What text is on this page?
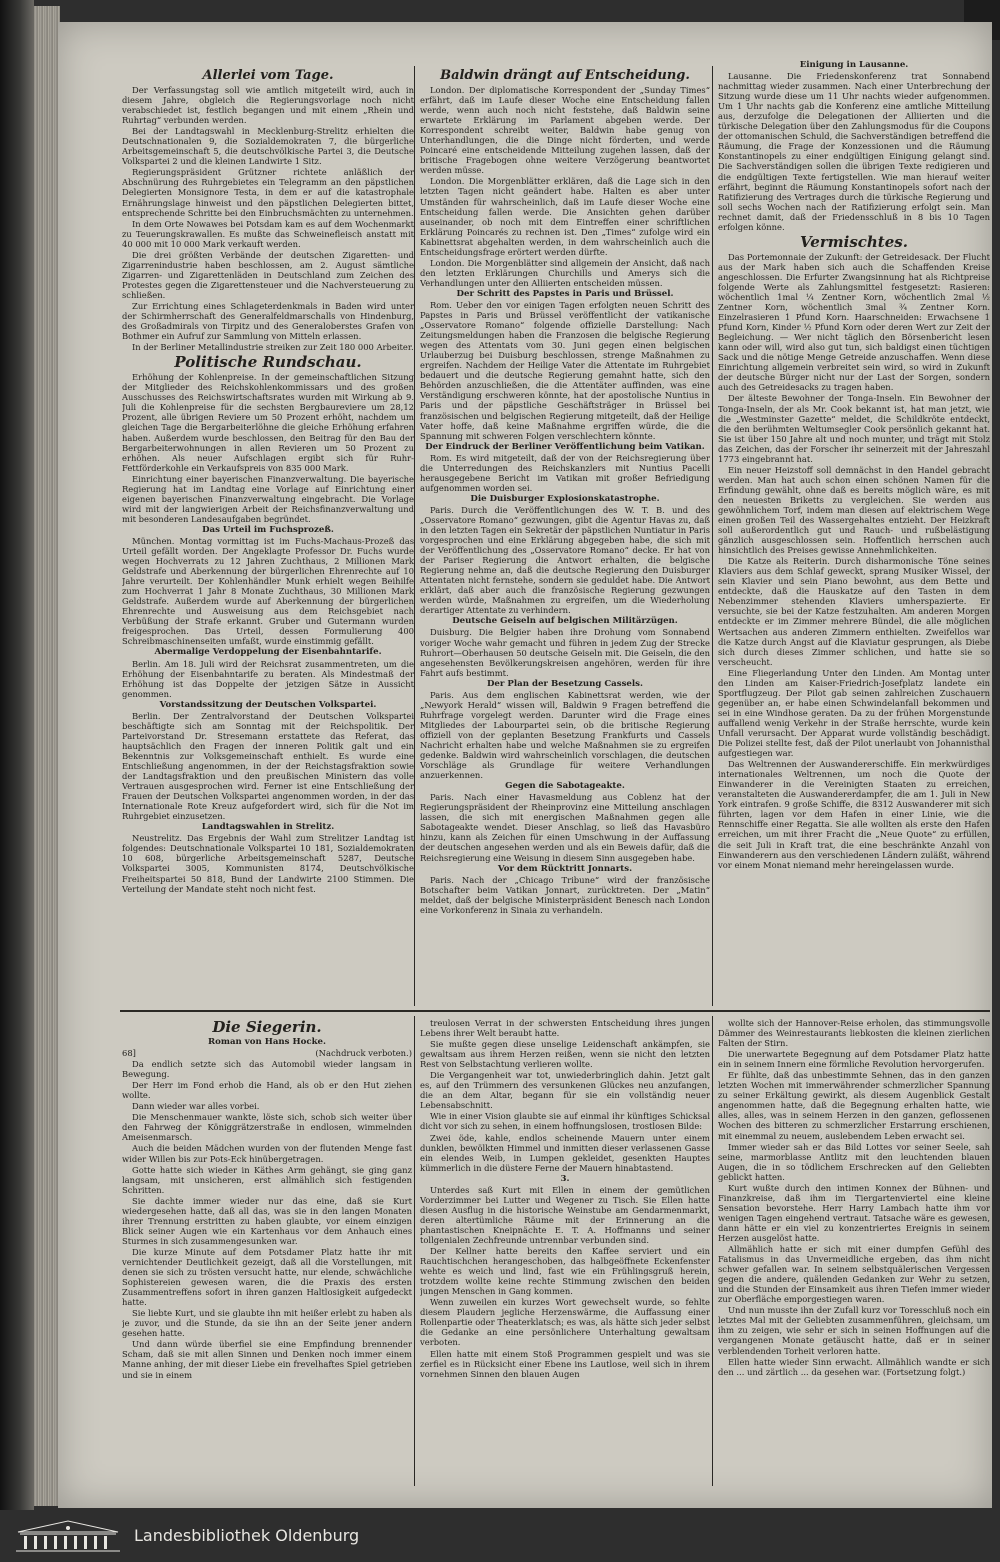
Allerlei vom Tage.

Der Verfassungstag soll wie amtlich mitgeteilt wird, auch in diesem Jahre, obgleich die Regierungsvorlage noch nicht verabschiedet ist, festlich begangen und mit einem „Rhein und Ruhrtag“ verbunden werden.

Bei der Landtagswahl in Mecklenburg-Strelitz erhielten die Deutschnationalen 9, die Sozialdemokraten 7, die bürgerliche Arbeitsgemeinschaft 5, die deutschvölkische Partei 3, die Deutsche Volkspartei 2 und die kleinen Landwirte 1 Sitz.

Regierungspräsident Grützner richtete anläßlich der Abschnürung des Ruhrgebietes ein Telegramm an den päpstlichen Delegierten Monsignore Testa, in dem er auf die katastrophale Ernährungslage hinweist und den päpstlichen Delegierten bittet, entsprechende Schritte bei den Einbruchsmächten zu unternehmen.

In dem Orte Nowawes bei Potsdam kam es auf dem Wochenmarkt zu Teuerungskrawallen. Es mußte das Schweinefleisch anstatt mit 40 000 mit 10 000 Mark verkauft werden.

Die drei größten Verbände der deutschen Zigaretten- und Zigarrenindustrie haben beschlossen, am 2. August sämtliche Zigarren- und Zigarettenläden in Deutschland zum Zeichen des Protestes gegen die Zigarettensteuer und die Nachversteuerung zu schließen.

Zur Errichtung eines Schlageterdenkmals in Baden wird unter der Schirmherrschaft des Generalfeldmarschalls von Hindenburg, des Großadmirals von Tirpitz und des Generaloberstes Grafen von Bothmer ein Aufruf zur Sammlung von Mitteln erlassen.

In der Berliner Metallindustrie streiken zur Zeit 180 000 Arbeiter.

Politische Rundschau.

Erhöhung der Kohlenpreise. In der gemeinschaftlichen Sitzung der Mitglieder des Reichskohlenkommissars und des großen Ausschusses des Reichswirtschaftsrates wurden mit Wirkung ab 9. Juli die Kohlenpreise für die sechsten Bergbaureviere um 28,12 Prozent, alle übrigen Reviere um 50 Prozent erhöht, nachdem um gleichen Tage die Bergarbeiterlöhne die gleiche Erhöhung erfahren haben. Außerdem wurde beschlossen, den Beitrag für den Bau der Bergarbeiterwohnungen in allen Revieren um 50 Prozent zu erhöhen. Als neuer Aufschlagen ergibt sich für Ruhr-Fettförderkohle ein Verkaufspreis von 835 000 Mark.

Einrichtung einer bayerischen Finanzverwaltung. Die bayerische Regierung hat im Landtag eine Vorlage auf Einrichtung einer eigenen bayerischen Finanzverwaltung eingebracht. Die Vorlage wird mit der langwierigen Arbeit der Reichsfinanzverwaltung und mit besonderen Landesaufgaben begründet.

Das Urteil im Fuchsprozeß.

München. Montag vormittag ist im Fuchs-Machaus-Prozeß das Urteil gefällt worden. Der Angeklagte Professor Dr. Fuchs wurde wegen Hochverrats zu 12 Jahren Zuchthaus, 2 Millionen Mark Geldstrafe und Aberkennung der bürgerlichen Ehrenrechte auf 10 Jahre verurteilt. Der Kohlenhändler Munk erhielt wegen Beihilfe zum Hochverrat 1 Jahr 8 Monate Zuchthaus, 30 Millionen Mark Geldstrafe. Außerdem wurde auf Aberkennung der bürgerlichen Ehrenrechte und Ausweisung aus dem Reichsgebiet nach Verbüßung der Strafe erkannt. Gruber und Gutermann wurden freigesprochen. Das Urteil, dessen Formulierung 400 Schreibmaschinenseiten umfaßt, wurde einstimmig gefällt.

Abermalige Verdoppelung der Eisenbahntarife.

Berlin. Am 18. Juli wird der Reichsrat zusammentreten, um die Erhöhung der Eisenbahntarife zu beraten. Als Mindestmaß der Erhöhung ist das Doppelte der jetzigen Sätze in Aussicht genommen.

Vorstandssitzung der Deutschen Volkspartei.

Berlin. Der Zentralvorstand der Deutschen Volkspartei beschäftigte sich am Sonntag mit der Reichspolitik. Der Parteivorstand Dr. Stresemann erstattete das Referat, das hauptsächlich den Fragen der inneren Politik galt und ein Bekenntnis zur Volksgemeinschaft enthielt. Es wurde eine Entschließung angenommen, in der der Reichstagsfraktion sowie der Landtagsfraktion und den preußischen Ministern das volle Vertrauen ausgesprochen wird. Ferner ist eine Entschließung der Frauen der Deutschen Volkspartei angenommen worden, in der das Internationale Rote Kreuz aufgefordert wird, sich für die Not im Ruhrgebiet einzusetzen.

Landtagswahlen in Strelitz.

Neustrelitz. Das Ergebnis der Wahl zum Strelitzer Landtag ist folgendes: Deutschnationale Volkspartei 10 181, Sozialdemokraten 10 608, bürgerliche Arbeitsgemeinschaft 5287, Deutsche Volkspartei 3005, Kommunisten 8174, Deutschvölkische Freiheitspartei 50 818, Bund der Landwirte 2100 Stimmen. Die Verteilung der Mandate steht noch nicht fest.

Baldwin drängt auf Entscheidung.

London. Der diplomatische Korrespondent der „Sunday Times“ erfährt, daß im Laufe dieser Woche eine Entscheidung fallen werde, wenn auch noch nicht feststehe, daß Baldwin seine erwartete Erklärung im Parlament abgeben werde. Der Korrespondent schreibt weiter, Baldwin habe genug von Unterhandlungen, die die Dinge nicht förderten, und werde Poincaré eine entscheidende Mitteilung zugehen lassen, daß der britische Fragebogen ohne weitere Verzögerung beantwortet werden müsse.

London. Die Morgenblätter erklären, daß die Lage sich in den letzten Tagen nicht geändert habe. Halten es aber unter Umständen für wahrscheinlich, daß im Laufe dieser Woche eine Entscheidung fallen werde. Die Ansichten gehen darüber auseinander, ob noch mit dem Eintreffen einer schriftlichen Erklärung Poincarés zu rechnen ist. Den „Times“ zufolge wird ein Kabinettsrat abgehalten werden, in dem wahrscheinlich auch die Entscheidungsfrage erörtert werden dürfte.

London. Die Morgenblätter sind allgemein der Ansicht, daß nach den letzten Erklärungen Churchills und Amerys sich die Verhandlungen unter den Alliierten entscheiden müssen.

Der Schritt des Papstes in Paris und Brüssel.

Rom. Ueber den vor einigen Tagen erfolgten neuen Schritt des Papstes in Paris und Brüssel veröffentlicht der vatikanische „Osservatore Romano“ folgende offizielle Darstellung: Nach Zeitungsmeldungen haben die Franzosen die belgische Regierung wegen des Attentats vom 30. Juni gegen einen belgischen Urlauberzug bei Duisburg beschlossen, strenge Maßnahmen zu ergreifen. Nachdem der Heilige Vater die Attentate im Ruhrgebiet bedauert und die deutsche Regierung gemahnt hatte, sich den Behörden anzuschließen, die die Attentäter auffinden, was eine Verständigung erschweren könnte, hat der apostolische Nuntius in Paris und der päpstliche Geschäftsträger in Brüssel bei französischen und belgischen Regierung mitgeteilt, daß der Heilige Vater hoffe, daß keine Maßnahme ergriffen würde, die die Spannung mit schweren Folgen verschlechtern könnte.

Der Eindruck der Berliner Veröffentlichung beim Vatikan.

Rom. Es wird mitgeteilt, daß der von der Reichsregierung über die Unterredungen des Reichskanzlers mit Nuntius Pacelli herausgegebene Bericht im Vatikan mit großer Befriedigung aufgenommen worden sei.

Die Duisburger Explosionskatastrophe.

Paris. Durch die Veröffentlichungen des W. T. B. und des „Osservatore Romano“ gezwungen, gibt die Agentur Havas zu, daß in den letzten Tagen ein Sekretär der päpstlichen Nuntiatur in Paris vorgesprochen und eine Erklärung abgegeben habe, die sich mit der Veröffentlichung des „Osservatore Romano“ decke. Er hat von der Pariser Regierung die Antwort erhalten, die belgische Regierung nehme an, daß die deutsche Regierung den Duisburger Attentaten nicht fernstehe, sondern sie geduldet habe. Die Antwort erklärt, daß aber auch die französische Regierung gezwungen werden würde, Maßnahmen zu ergreifen, um die Wiederholung derartiger Attentate zu verhindern.

Deutsche Geiseln auf belgischen Militärzügen.

Duisburg. Die Belgier haben ihre Drohung vom Sonnabend voriger Woche wahr gemacht und führen in jedem Zug der Strecke Ruhrort—Oberhausen 50 deutsche Geiseln mit. Die Geiseln, die den angesehensten Bevölkerungskreisen angehören, werden für ihre Fahrt aufs bestimmt.

Der Plan der Besetzung Cassels.

Paris. Aus dem englischen Kabinettsrat werden, wie der „Newyork Herald“ wissen will, Baldwin 9 Fragen betreffend die Ruhrfrage vorgelegt werden. Darunter wird die Frage eines Mitgliedes der Labourpartei sein, ob die britische Regierung offiziell von der geplanten Besetzung Frankfurts und Cassels Nachricht erhalten habe und welche Maßnahmen sie zu ergreifen gedenke. Baldwin wird wahrscheinlich vorschlagen, die deutschen Vorschläge als Grundlage für weitere Verhandlungen anzuerkennen.

Gegen die Sabotageakte.

Paris. Nach einer Havasmeldung aus Coblenz hat der Regierungspräsident der Rheinprovinz eine Mitteilung anschlagen lassen, die sich mit energischen Maßnahmen gegen alle Sabotageakte wendet. Dieser Anschlag, so ließ das Havasbüro hinzu, kann als Zeichen für einen Umschwung in der Auffassung der deutschen angesehen werden und als ein Beweis dafür, daß die Reichsregierung eine Weisung in diesem Sinn ausgegeben habe.

Vor dem Rücktritt Jonnarts.

Paris. Nach der „Chicago Tribune“ wird der französische Botschafter beim Vatikan Jonnart, zurücktreten. Der „Matin“ meldet, daß der belgische Ministerpräsident Benesch nach London eine Vorkonferenz in Sinaia zu verhandeln.

Einigung in Lausanne.

Lausanne. Die Friedenskonferenz trat Sonnabend nachmittag wieder zusammen. Nach einer Unterbrechung der Sitzung wurde diese um 11 Uhr nachts wieder aufgenommen. Um 1 Uhr nachts gab die Konferenz eine amtliche Mitteilung aus, derzufolge die Delegationen der Alliierten und die türkische Delegation über den Zahlungsmodus für die Coupons der ottomanischen Schuld, die Sachverständigen betreffend die Räumung, die Frage der Konzessionen und die Räumung Konstantinopels zu einer endgültigen Einigung gelangt sind. Die Sachverständigen sollen die übrigen Texte redigieren und die endgültigen Texte fertigstellen. Wie man hierauf weiter erfährt, beginnt die Räumung Konstantinopels sofort nach der Ratifizierung des Vertrages durch die türkische Regierung und soll sechs Wochen nach der Ratifizierung erfolgt sein. Man rechnet damit, daß der Friedensschluß in 8 bis 10 Tagen erfolgen könne.

Vermischtes.

Das Portemonnaie der Zukunft: der Getreidesack. Der Flucht aus der Mark haben sich auch die Schaffenden Kreise angeschlossen. Die Erfurter Zwangsinnung hat als Richtpreise folgende Werte als Zahlungsmittel festgesetzt: Rasieren: wöchentlich 1mal ¼ Zentner Korn, wöchentlich 2mal ½ Zentner Korn, wöchentlich 3mal ¾ Zentner Korn. Einzelrasieren 1 Pfund Korn. Haarschneiden: Erwachsene 1 Pfund Korn, Kinder ½ Pfund Korn oder deren Wert zur Zeit der Begleichung. — Wer nicht täglich den Börsenbericht lesen kann oder will, wird also gut tun, sich baldigst einen tüchtigen Sack und die nötige Menge Getreide anzuschaffen. Wenn diese Einrichtung allgemein verbreitet sein wird, so wird in Zukunft der deutsche Bürger nicht nur der Last der Sorgen, sondern auch des Getreidesacks zu tragen haben.

Der älteste Bewohner der Tonga-Inseln. Ein Bewohner der Tonga-Inseln, der als Mr. Cook bekannt ist, hat man jetzt, wie die „Westminster Gazette“ meldet, die Schildkröte entdeckt, die den berühmten Weltumsegler Cook persönlich gekannt hat. Sie ist über 150 Jahre alt und noch munter, und trägt mit Stolz das Zeichen, das der Forscher ihr seinerzeit mit der Jahreszahl 1773 eingebrannt hat.

Ein neuer Heizstoff soll demnächst in den Handel gebracht werden. Man hat auch schon einen schönen Namen für die Erfindung gewählt, ohne daß es bereits möglich wäre, es mit den neuesten Briketts zu vergleichen. Sie werden aus gewöhnlichem Torf, indem man diesen auf elektrischem Wege einen großen Teil des Wassergehaltes entzieht. Der Heizkraft soll außerordentlich gut und Rauch- und rußbelästigung gänzlich ausgeschlossen sein. Hoffentlich herrschen auch hinsichtlich des Preises gewisse Annehmlichkeiten.

Die Katze als Reiterin. Durch disharmonische Töne seines Klaviers aus dem Schlaf geweckt, sprang Musiker Wissel, der sein Klavier und sein Piano bewohnt, aus dem Bette und entdeckte, daß die Hauskatze auf den Tasten in dem Nebenzimmer stehenden Klaviers umherspazierte. Er versuchte, sie bei der Katze festzuhalten. Am anderen Morgen entdeckte er im Zimmer mehrere Bündel, die alle möglichen Wertsachen aus anderen Zimmern enthielten. Zweifellos war die Katze durch Angst auf die Klaviatur gesprungen, als Diebe sich durch dieses Zimmer schlichen, und hatte sie so verscheucht.

Eine Fliegerlandung Unter den Linden. Am Montag unter den Linden am Kaiser-Friedrich-Josefplatz landete ein Sportflugzeug. Der Pilot gab seinen zahlreichen Zuschauern gegenüber an, er habe einen Schwindelanfall bekommen und sei in eine Windhose geraten. Da zu der frühen Morgenstunde auffallend wenig Verkehr in der Straße herrschte, wurde kein Unfall verursacht. Der Apparat wurde vollständig beschädigt. Die Polizei stellte fest, daß der Pilot unerlaubt von Johannisthal aufgestiegen war.

Das Weltrennen der Auswandererschiffe. Ein merkwürdiges internationales Weltrennen, um noch die Quote der Einwanderer in die Vereinigten Staaten zu erreichen, veranstalteten die Auswandererdampfer, die am 1. Juli in New York eintrafen. 9 große Schiffe, die 8312 Auswanderer mit sich führten, lagen vor dem Hafen in einer Linie, wie die Rennschiffe einer Regatta. Sie alle wollten als erste den Hafen erreichen, um mit ihrer Fracht die „Neue Quote“ zu erfüllen, die seit Juli in Kraft trat, die eine beschränkte Anzahl von Einwanderern aus den verschiedenen Ländern zuläßt, während vor einem Monat niemand mehr hereingelassen wurde.

Die Siegerin.

Roman von Hans Hocke.

68]	(Nachdruck verboten.)

Da endlich setzte sich das Automobil wieder langsam in Bewegung.

Der Herr im Fond erhob die Hand, als ob er den Hut ziehen wollte.

Dann wieder war alles vorbei.

Die Menschenmauer wankte, löste sich, schob sich weiter über den Fahrweg der Königgrätzerstraße in endlosen, wimmelnden Ameisenmarsch.

Auch die beiden Mädchen wurden von der flutenden Menge fast wider Willen bis zur Pots-Eck hinübergetragen.

Gotte hatte sich wieder in Käthes Arm gehängt, sie ging ganz langsam, mit unsicheren, erst allmählich sich festigenden Schritten.

Sie dachte immer wieder nur das eine, daß sie Kurt wiedergesehen hatte, daß all das, was sie in den langen Monaten ihrer Trennung erstritten zu haben glaubte, vor einem einzigen Blick seiner Augen wie ein Kartenhaus vor dem Anhauch eines Sturmes in sich zusammengesunken war.

Die kurze Minute auf dem Potsdamer Platz hatte ihr mit vernichtender Deutlichkeit gezeigt, daß all die Vorstellungen, mit denen sie sich zu trösten versucht hatte, nur elende, schwächliche Sophistereien gewesen waren, die die Praxis des ersten Zusammentreffens sofort in ihren ganzen Haltlosigkeit aufgedeckt hatte.

Sie liebte Kurt, und sie glaubte ihn mit heißer erlebt zu haben als je zuvor, und die Stunde, da sie ihn an der Seite jener andern gesehen hatte.

Und dann würde überfiel sie eine Empfindung brennender Scham, daß sie mit allen Sinnen und Denken noch immer einem Manne anhing, der mit dieser Liebe ein frevelhaftes Spiel getrieben und sie in einem

treulosen Verrat in der schwersten Entscheidung ihres jungen Lebens ihrer Welt beraubt hatte.

Sie mußte gegen diese unselige Leidenschaft ankämpfen, sie gewaltsam aus ihrem Herzen reißen, wenn sie nicht den letzten Rest von Selbstachtung verlieren wollte.

Die Vergangenheit war tot, unwiederbringlich dahin. Jetzt galt es, auf den Trümmern des versunkenen Glückes neu anzufangen, die an dem Altar, begann für sie ein vollständig neuer Lebensabschnitt.

Wie in einer Vision glaubte sie auf einmal ihr künftiges Schicksal dicht vor sich zu sehen, in einem hoffnungslosen, trostlosen Bilde:

Zwei öde, kahle, endlos scheinende Mauern unter einem dunklen, bewölkten Himmel und inmitten dieser verlassenen Gasse ein elendes Weib, in Lumpen gekleidet, gesenkten Hauptes kümmerlich in die düstere Ferne der Mauern hinabtastend.

3.

Unterdes saß Kurt mit Ellen in einem der gemütlichen Vorderzimmer bei Lutter und Wegener zu Tisch. Sie Ellen hatte diesen Ausflug in die historische Weinstube am Gendarmenmarkt, deren altertümliche Räume mit der Erinnerung an die phantastischen Kneipnächte E. T. A. Hoffmanns und seiner tollgenialen Zechfreunde untrennbar verbunden sind.

Der Kellner hatte bereits den Kaffee serviert und ein Rauchtischchen herangeschoben, das halbgeöffnete Eckenfenster wehte es weich und lind, fast wie ein Frühlingsgruß herein, trotzdem wollte keine rechte Stimmung zwischen den beiden jungen Menschen in Gang kommen.

Wenn zuweilen ein kurzes Wort gewechselt wurde, so fehlte diesem Plaudern jegliche Herzenswärme, die Auffassung einer Rollenpartie oder Theaterklatsch; es was, als hätte sich jeder selbst die Gedanke an eine persönlichere Unterhaltung gewaltsam verboten.

Ellen hatte mit einem Stoß Programmen gespielt und was sie zerfiel es in Rücksicht einer Ebene ins Lautlose, weil sich in ihrem vornehmen Sinnen den blauen Augen

wollte sich der Hannover-Reise erholen, das stimmungsvolle Dämmer des Weinrestaurants liebkosten die kleinen zierlichen Falten der Stirn.

Die unerwartete Begegnung auf dem Potsdamer Platz hatte ein in seinem Innern eine förmliche Revolution hervorgerufen.

Er fühlte, daß das unbestimmte Sehnen, das in den ganzen letzten Wochen mit immerwährender schmerzlicher Spannung zu seiner Erkältung gewirkt, als diesem Augenblick Gestalt angenommen hatte, daß die Begegnung erhalten hatte, wie alles, alles, was in seinem Herzen in den ganzen, geflossenen Wochen des bitteren zu schmerzlicher Erstarrung erschienen, mit einemmal zu neuem, auslebendem Leben erwacht sei.

Immer wieder sah er das Bild Lottes vor seiner Seele, sah seine, marmorblasse Antlitz mit den leuchtenden blauen Augen, die in so tödlichem Erschrecken auf den Geliebten geblickt hatten.

Kurt wußte durch den intimen Konnex der Bühnen- und Finanzkreise, daß ihm im Tiergartenviertel eine kleine Sensation bevorstehe. Herr Harry Lambach hatte ihm vor wenigen Tagen eingehend vertraut. Tatsache wäre es gewesen, dann hätte er ein viel zu konzentriertes Ereignis in seinem Herzen ausgelöst hatte.

Allmählich hatte er sich mit einer dumpfen Gefühl des Fatalismus in das Unvermeidliche ergeben, das ihm nicht schwer gefallen war. In seinem selbstquälerischen Vergessen gegen die andere, quälenden Gedanken zur Wehr zu setzen, und die Stunden der Einsamkeit aus ihren Tiefen immer wieder zur Oberfläche emporgestiegen waren.

Und nun musste ihn der Zufall kurz vor Toresschluß noch ein letztes Mal mit der Geliebten zusammenführen, gleichsam, um ihm zu zeigen, wie sehr er sich in seinen Hoffnungen auf die vergangenen Monate getäuscht hatte, daß er in seiner verblendenden Torheit verloren hatte.

Ellen hatte wieder Sinn erwacht. Allmählich wandte er sich den ... und zärtlich ... da gesehen war. (Fortsetzung folgt.)

Landesbibliothek Oldenburg
